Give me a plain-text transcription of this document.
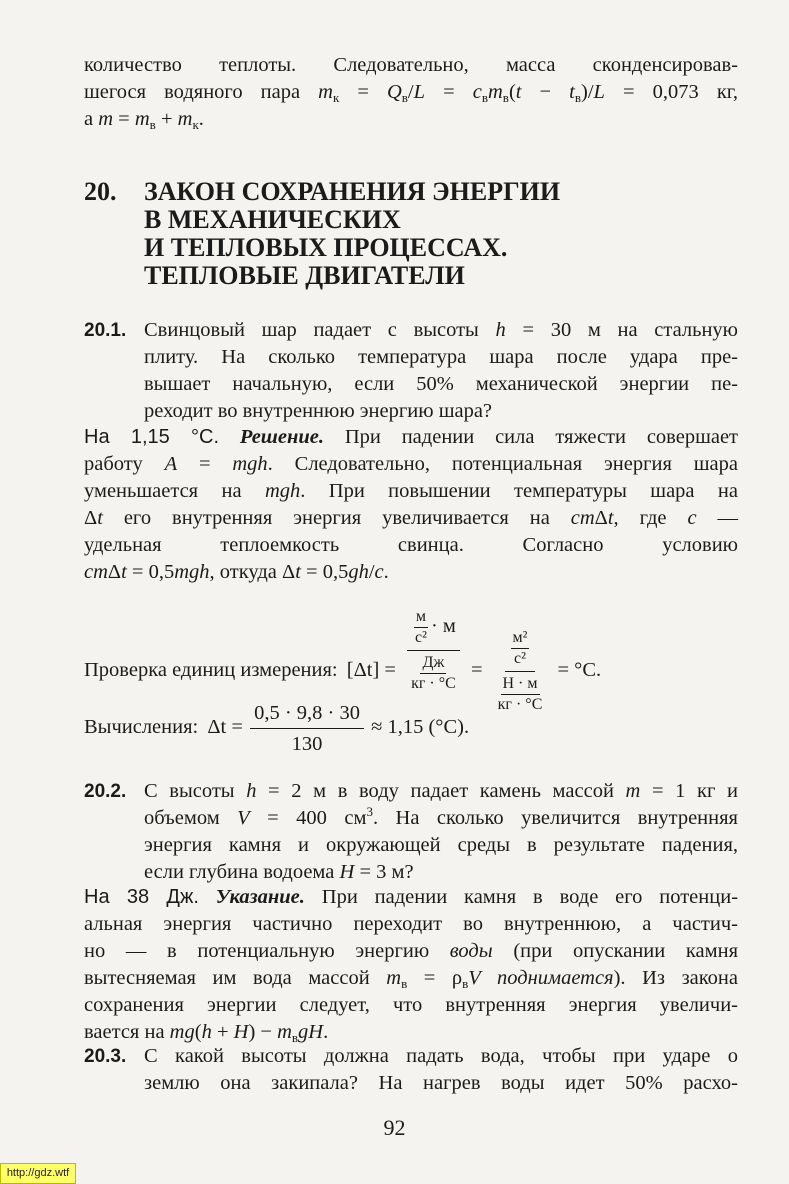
количество теплоты. Следовательно, масса сконденсировав-
шегося водяного пара $m_к = Q_в/L = c_вm_в(t - t_в)/L = 0,073$ кг,
а $m = m_в + m_к$.
20. ЗАКОН СОХРАНЕНИЯ ЭНЕРГИИ
В МЕХАНИЧЕСКИХ
И ТЕПЛОВЫХ ПРОЦЕССАХ.
ТЕПЛОВЫЕ ДВИГАТЕЛИ
20.1. Свинцовый шар падает с высоты h = 30 м на стальную
плиту. На сколько температура шара после удара пре-
вышает начальную, если 50% механической энергии пе-
реходит во внутреннюю энергию шара?
На 1,15 °C. Решение. При падении сила тяжести совершает
работу A = mgh. Следовательно, потенциальная энергия шара
уменьшается на mgh. При повышении температуры шара на
Δt его внутренняя энергия увеличивается на cmΔt, где c —
удельная теплоемкость свинца. Согласно условию
cmΔt = 0,5mgh, откуда Δt = 0,5gh/c.
Проверка единиц измерения: $[\Delta t] = \frac{\frac{м}{\text{с²}} \cdot м}{\frac{Дж}{кг \cdot ^\circ C}} = \frac{\frac{\text{м²}}{\text{с²}}}{\frac{Н \cdot м}{кг \cdot ^\circ C}} = ^\circ C$.
Вычисления: $\Delta t = \frac{0,5 \cdot 9,8 \cdot 30}{130} \approx 1,15$ (°C).
20.2. С высоты h = 2 м в воду падает камень массой m = 1 кг и
объемом V = 400 $см^3$. На сколько увеличится внутренняя
энергия камня и окружающей среды в результате падения,
если глубина водоема H = 3 м?
На 38 Дж. Указание. При падении камня в воде его потенци-
альная энергия частично переходит во внутреннюю, а частич-
но — в потенциальную энергию воды (при опускании камня
вытесняемая им вода массой $m_в = \rho_вV$ поднимается). Из закона
сохранения энергии следует, что внутренняя энергия увеличи-
вается на $mg(h + H) - m_вgH$.
20.3. С какой высоты должна падать вода, чтобы при ударе о
землю она закипала? На нагрев воды идет 50% расхо-
92
http://gdz.wtf
